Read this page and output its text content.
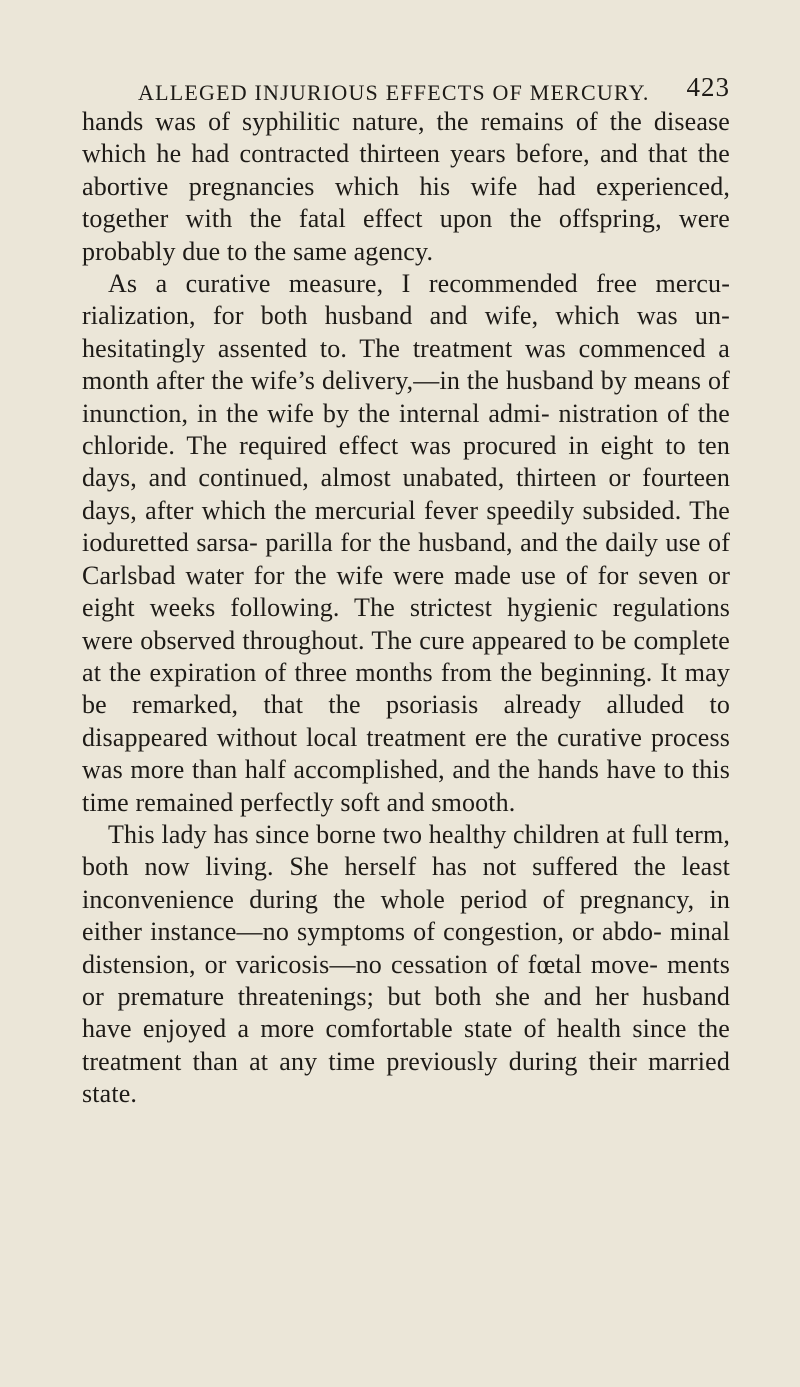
ALLEGED INJURIOUS EFFECTS OF MERCURY. 423

hands was of syphilitic nature, the remains of the disease which he had contracted thirteen years before, and that the abortive pregnancies which his wife had experienced, together with the fatal effect upon the offspring, were probably due to the same agency.

As a curative measure, I recommended free mercu- rialization, for both husband and wife, which was un- hesitatingly assented to. The treatment was commenced a month after the wife’s delivery,—in the husband by means of inunction, in the wife by the internal admi- nistration of the chloride. The required effect was procured in eight to ten days, and continued, almost unabated, thirteen or fourteen days, after which the mercurial fever speedily subsided. The ioduretted sarsa- parilla for the husband, and the daily use of Carlsbad water for the wife were made use of for seven or eight weeks following. The strictest hygienic regulations were observed throughout. The cure appeared to be complete at the expiration of three months from the beginning. It may be remarked, that the psoriasis already alluded to disappeared without local treatment ere the curative process was more than half accomplished, and the hands have to this time remained perfectly soft and smooth.

This lady has since borne two healthy children at full term, both now living. She herself has not suffered the least inconvenience during the whole period of pregnancy, in either instance—no symptoms of congestion, or abdo- minal distension, or varicosis—no cessation of fœtal move- ments or premature threatenings; but both she and her husband have enjoyed a more comfortable state of health since the treatment than at any time previously during their married state.
